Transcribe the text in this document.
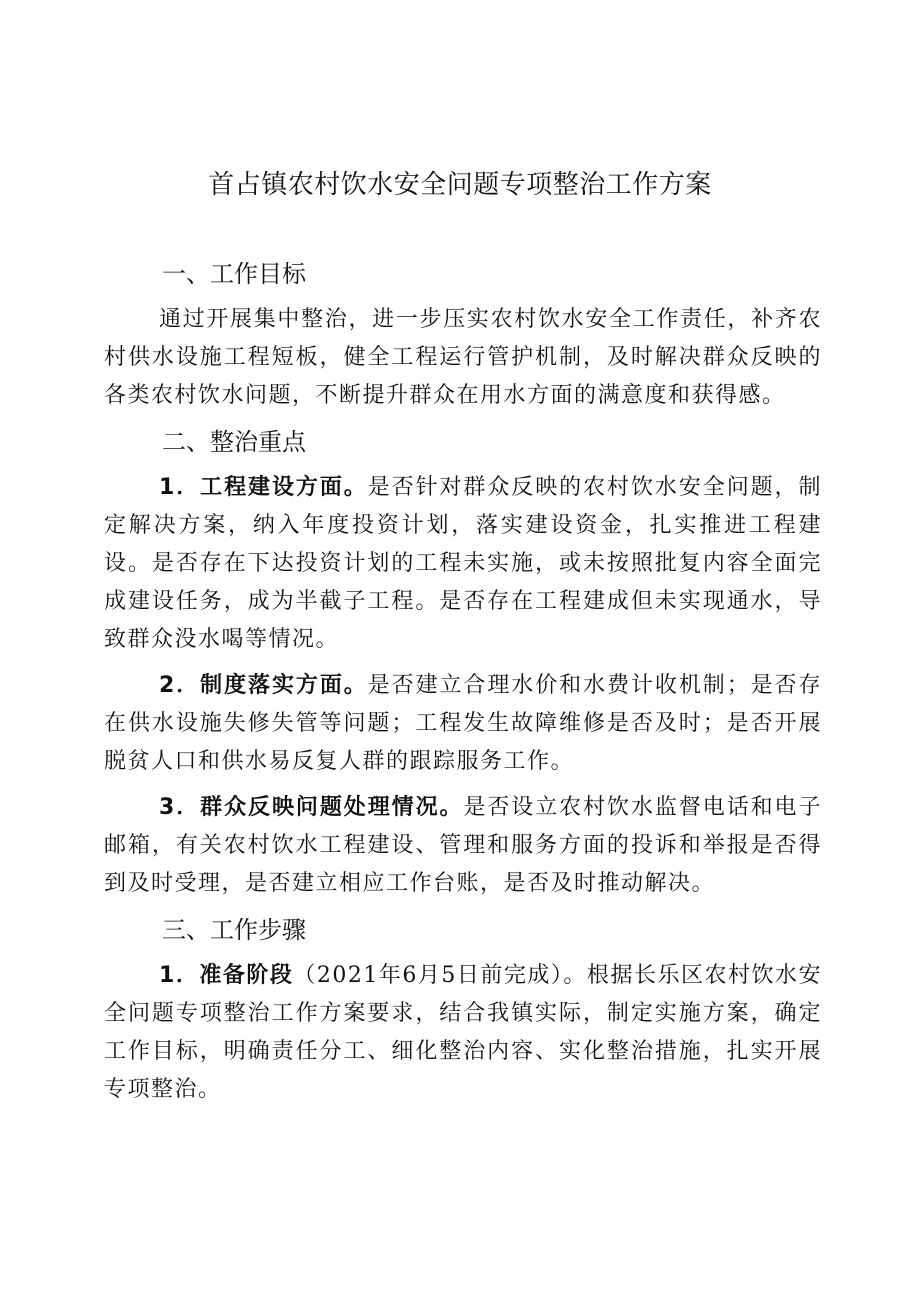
首占镇农村饮水安全问题专项整治工作方案
一、工作目标

通过开展集中整治，进一步压实农村饮水安全工作责任，补齐农村供水设施工程短板，健全工程运行管护机制，及时解决群众反映的各类农村饮水问题，不断提升群众在用水方面的满意度和获得感。

二、整治重点

1．工程建设方面。是否针对群众反映的农村饮水安全问题，制定解决方案，纳入年度投资计划，落实建设资金，扎实推进工程建设。是否存在下达投资计划的工程未实施，或未按照批复内容全面完成建设任务，成为半截子工程。是否存在工程建成但未实现通水，导致群众没水喝等情况。

2．制度落实方面。是否建立合理水价和水费计收机制；是否存在供水设施失修失管等问题；工程发生故障维修是否及时；是否开展脱贫人口和供水易反复人群的跟踪服务工作。

3．群众反映问题处理情况。是否设立农村饮水监督电话和电子邮箱，有关农村饮水工程建设、管理和服务方面的投诉和举报是否得到及时受理，是否建立相应工作台账，是否及时推动解决。

三、工作步骤

1．准备阶段（2021年6月5日前完成）。根据长乐区农村饮水安全问题专项整治工作方案要求，结合我镇实际，制定实施方案，确定工作目标，明确责任分工、细化整治内容、实化整治措施，扎实开展专项整治。
